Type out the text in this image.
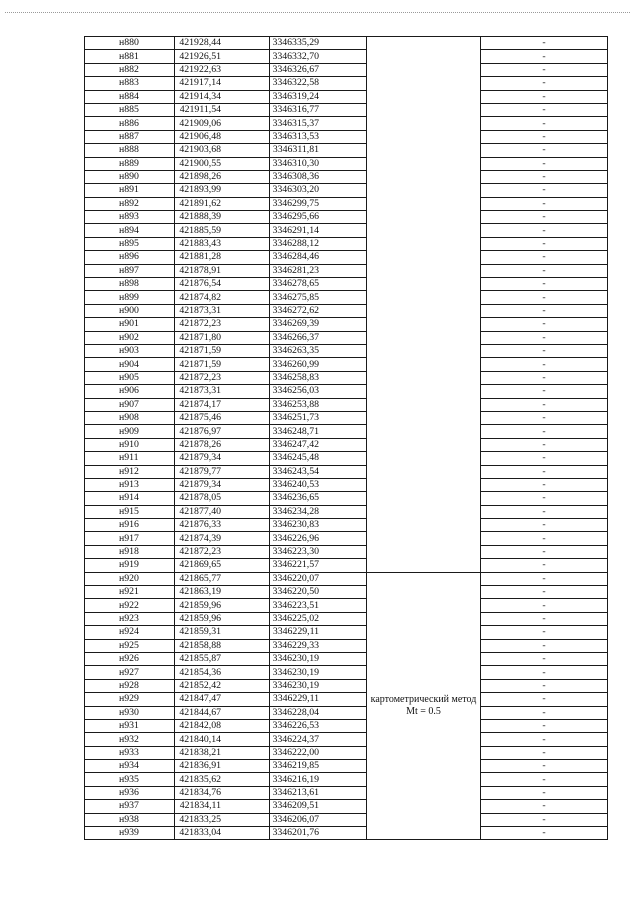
н880	421928,44	3346335,29		-
н881	421926,51	3346332,70		-
н882	421922,63	3346326,67		-
н883	421917,14	3346322,58		-
н884	421914,34	3346319,24		-
н885	421911,54	3346316,77		-
н886	421909,06	3346315,37		-
н887	421906,48	3346313,53		-
н888	421903,68	3346311,81		-
н889	421900,55	3346310,30		-
н890	421898,26	3346308,36		-
н891	421893,99	3346303,20		-
н892	421891,62	3346299,75		-
н893	421888,39	3346295,66		-
н894	421885,59	3346291,14		-
н895	421883,43	3346288,12		-
н896	421881,28	3346284,46		-
н897	421878,91	3346281,23		-
н898	421876,54	3346278,65		-
н899	421874,82	3346275,85		-
н900	421873,31	3346272,62		-
н901	421872,23	3346269,39		-
н902	421871,80	3346266,37		-
н903	421871,59	3346263,35		-
н904	421871,59	3346260,99		-
н905	421872,23	3346258,83		-
н906	421873,31	3346256,03		-
н907	421874,17	3346253,88		-
н908	421875,46	3346251,73		-
н909	421876,97	3346248,71		-
н910	421878,26	3346247,42		-
н911	421879,34	3346245,48		-
н912	421879,77	3346243,54		-
н913	421879,34	3346240,53		-
н914	421878,05	3346236,65		-
н915	421877,40	3346234,28		-
н916	421876,33	3346230,83		-
н917	421874,39	3346226,96		-
н918	421872,23	3346223,30		-
н919	421869,65	3346221,57		-
н920	421865,77	3346220,07	картометрический метод Mt = 0.5	-
н921	421863,19	3346220,50		-
н922	421859,96	3346223,51		-
н923	421859,96	3346225,02		-
н924	421859,31	3346229,11		-
н925	421858,88	3346229,33		-
н926	421855,87	3346230,19		-
н927	421854,36	3346230,19		-
н928	421852,42	3346230,19		-
н929	421847,47	3346229,11		-
н930	421844,67	3346228,04		-
н931	421842,08	3346226,53		-
н932	421840,14	3346224,37		-
н933	421838,21	3346222,00		-
н934	421836,91	3346219,85		-
н935	421835,62	3346216,19		-
н936	421834,76	3346213,61		-
н937	421834,11	3346209,51		-
н938	421833,25	3346206,07		-
н939	421833,04	3346201,76		-
